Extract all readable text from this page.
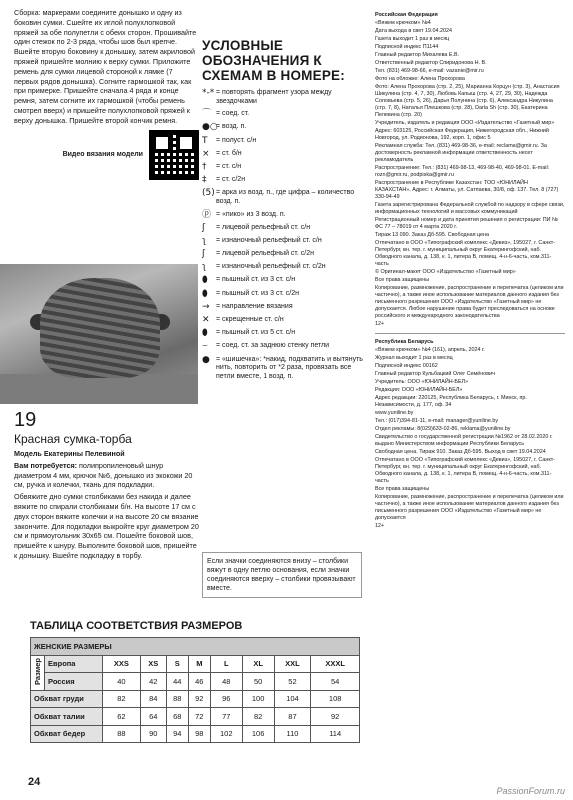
Сборка: маркерами соедините донышко и одну из боковин сумки. Сшейте их иглой полухлопковой пряжей за обе полупетли с обеих сторон. Прошивайте один стежок по 2-3 ряда, чтобы шов был крепче. Вшейте вторую боковину к донышку, затем акриловой пряжей пришейте молнию к верху сумки. Приложите ремень для сумки лицевой стороной к лямке (7 первых рядов донышка). Согните гармошкой так, как при примерке. Пришейте сначала 4 ряда и конце ремня, затем согните их гармошкой (чтобы ремень смотрел вверх) и пришейте полухлопковой пряжей к верху донышка. Пришейте второй кончик ремня.

Видео вязания модели
19
Красная сумка-торба

Модель Екатерины Пелевиной

Вам потребуется: полипропиленовый шнур диаметром 4 мм, крючок №6, донышко из экокожи 20 см, ручка и колечки, ткань для подкладки.

Обвяжите дно сумки столбиками без накида и далее вяжите по спирали столбиками б/н. На высоте 17 см с двух сторон вяжите колечки и на высоте 20 см вязание закончите. Для подкладки выкройте круг диаметром 20 см и прямоугольник 30х65 см. Пошейте боковой шов, пришейте к шнуру. Выполните боковой шов, пришейте к донышку. Вшейте подкладку в торбу.

УСЛОВНЫЕ ОБОЗНАЧЕНИЯ К СХЕМАМ В НОМЕРЕ:
*-* = повторять фрагмент узора между звездочками
⌒ = соед. ст.
●○
= возд. п.
Т	= полуст. с/н
× = ст. б/н
†	= ст. с/н
‡	= ст. с/2н
(5) = арка из возд. п., где цифра – количество возд. п.
ⓟ = «пико» из 3 возд. п.
ʃ	= лицевой рельефный ст. с/н
ʅ	= изнаночный рельефный ст. с/н
ʃ	= лицевой рельефный ст. с/2н
ʅ	= изнаночный рельефный ст. с/2н
⬮	= пышный ст. из 3 ст. с/н
⬮	= пышный ст. из 3 ст. с/2н
→ = направление вязания
✕ = скрещенные ст. с/н
⬮	= пышный ст. из 5 ст. с/н
⌣	= соед. ст. за заднюю стенку петли
● = «шишечка»: *накид, подхватить и вытянуть нить, повторить от *2 раза, провязать все петли вместе, 1 возд. п.
Если значки соединяются внизу – столбики вяжут в одну петлю основания, если значки соединяются вверху – столбики провязывают вместе.
ТАБЛИЦА СООТВЕТСТВИЯ РАЗМЕРОВ
ЖЕНСКИЕ РАЗМЕРЫ									
Размер	Европа	XXS	XS	S	M	L	XL	XXL	XXXL
	Россия	40	42	44	46	48	50	52	54
Обхват груди		82	84	88	92	96	100	104	108
Обхват талии		62	64	68	72	77	82	87	92
Обхват бедер		88	90	94	98	102	106	110	114
24
Российская Федерация
«Вяжем крючком» №4
Дата выхода в свет 19.04.2024
Газета выходит 1 раз в месяц
Подписной индекс П1144
Главный редактор Михалева Е.В.
Ответственный редактор Спиридонова Н. В.
Тел. (831) 469-98-66, e-mail: vazanie@mir.ru
Фото на обложке: Алена Прохорова
Фото: Алена Прохорова (стр. 2, 25), Марианна Корцун (стр. 3), Анастасия Шикулина (стр. 4, 7, 30), Любовь Капыш (стр. 4, 27, 29, 30), Надежда Соловьева (стр. 5, 26), Дарья Полунина (стр. 6), Александра Никулина (стр. 7, 8), Наталья Плешкова (стр. 28), Darla Sh (стр. 30), Екатерина Пелевина (стр. 20)
Учредитель, издатель и редакция ООО «Издательство «Газетный мир»
Адрес: 603125, Российская Федерация, Нижегородская обл., Нижний Новгород, ул. Родионова, 192, корп. 1, офис 5
Рекламная служба: Тел. (831) 469-98-36, e-mail: reclama@gmir.ru. За достоверность рекламной информации ответственность несет рекламодатель
Распространение: Тел.: (831) 469-98-13, 469-98-40, 469-98-01. E-mail: rozn@gmir.ru, podpiska@gmir.ru
Распространение в Республике Казахстан: ТОО «ЮНИЛАЙН КАЗАХСТАН». Адрес: г. Алматы, ул. Сатпаева, 30/8, оф. 137. Тел. 8 (727) 330-94-49
Газета зарегистрирована Федеральной службой по надзору в сфере связи, информационных технологий и массовых коммуникаций
Регистрационный номер и дата принятия решения о регистрации: ПИ № ФС 77 – 78019 от 4 марта 2020 г.
Тираж 13 090. Заказ Дб-595. Свободная цена
Отпечатано в ООО «Типографский комплекс «Девиз», 195027, г. Санкт-Петербург, вн. тер. г. муниципальный округ Екатерингофский, наб. Обводного канала, д. 138, к. 1, литера В, помещ. 4-н-6-часть, ком.311-часть
© Оригинал-макет ООО «Издательство «Газетный мир»
Все права защищены
Копирование, размножение, распространение и перепечатка (целиком или частично), а также иное использование материалов данного издания без письменного разрешения ООО «Издательство «Газетный мир» не допускается. Любое нарушение права будет преследоваться на основе российского и международного законодательства
12+
Республика Беларусь
«Вяжем крючком» №4 (161), апрель, 2024 г.
Журнал выходит 1 раз в месяц
Подписной индекс 00162
Главный редактор Кульбацкий Олег Семёнович
Учредитель: ООО «ЮНИЛАЙН-БЕЛ»
Редакция: ООО «ЮНИЛАЙН-БЕЛ»
Адрес редакции: 220125, Республика Беларусь, г. Минск, пр. Независимости, д. 177, оф. 34
www.yunilinе.by
Тел.: (017)394-81-11, e-mail: manager@yunilinе.by
Отдел рекламы: 8(029)633-02-86, reklama@yunilinе.by
Свидетельство о государственной регистрации №1962 от 28.02.2020 г. выдано Министерством информации Республики Беларусь
Свободная цена. Тираж 910. Заказ Дб-595. Выход в свет 19.04.2024
Отпечатано в ООО «Типографский комплекс «Девиз», 195027, г. Санкт-Петербург, вн. тер. г. муниципальный округ Екатерингофский, наб. Обводного канала, д. 138, к. 1, литера В, помещ. 4-н-6-часть, ком.311-часть
Все права защищены
Копирование, размножение, распространение и перепечатка (целиком или частично), а также иное использование материалов данного издания без письменного разрешения ООО «Издательство «Газетный мир» не допускается
12+
PassionForum.ru
